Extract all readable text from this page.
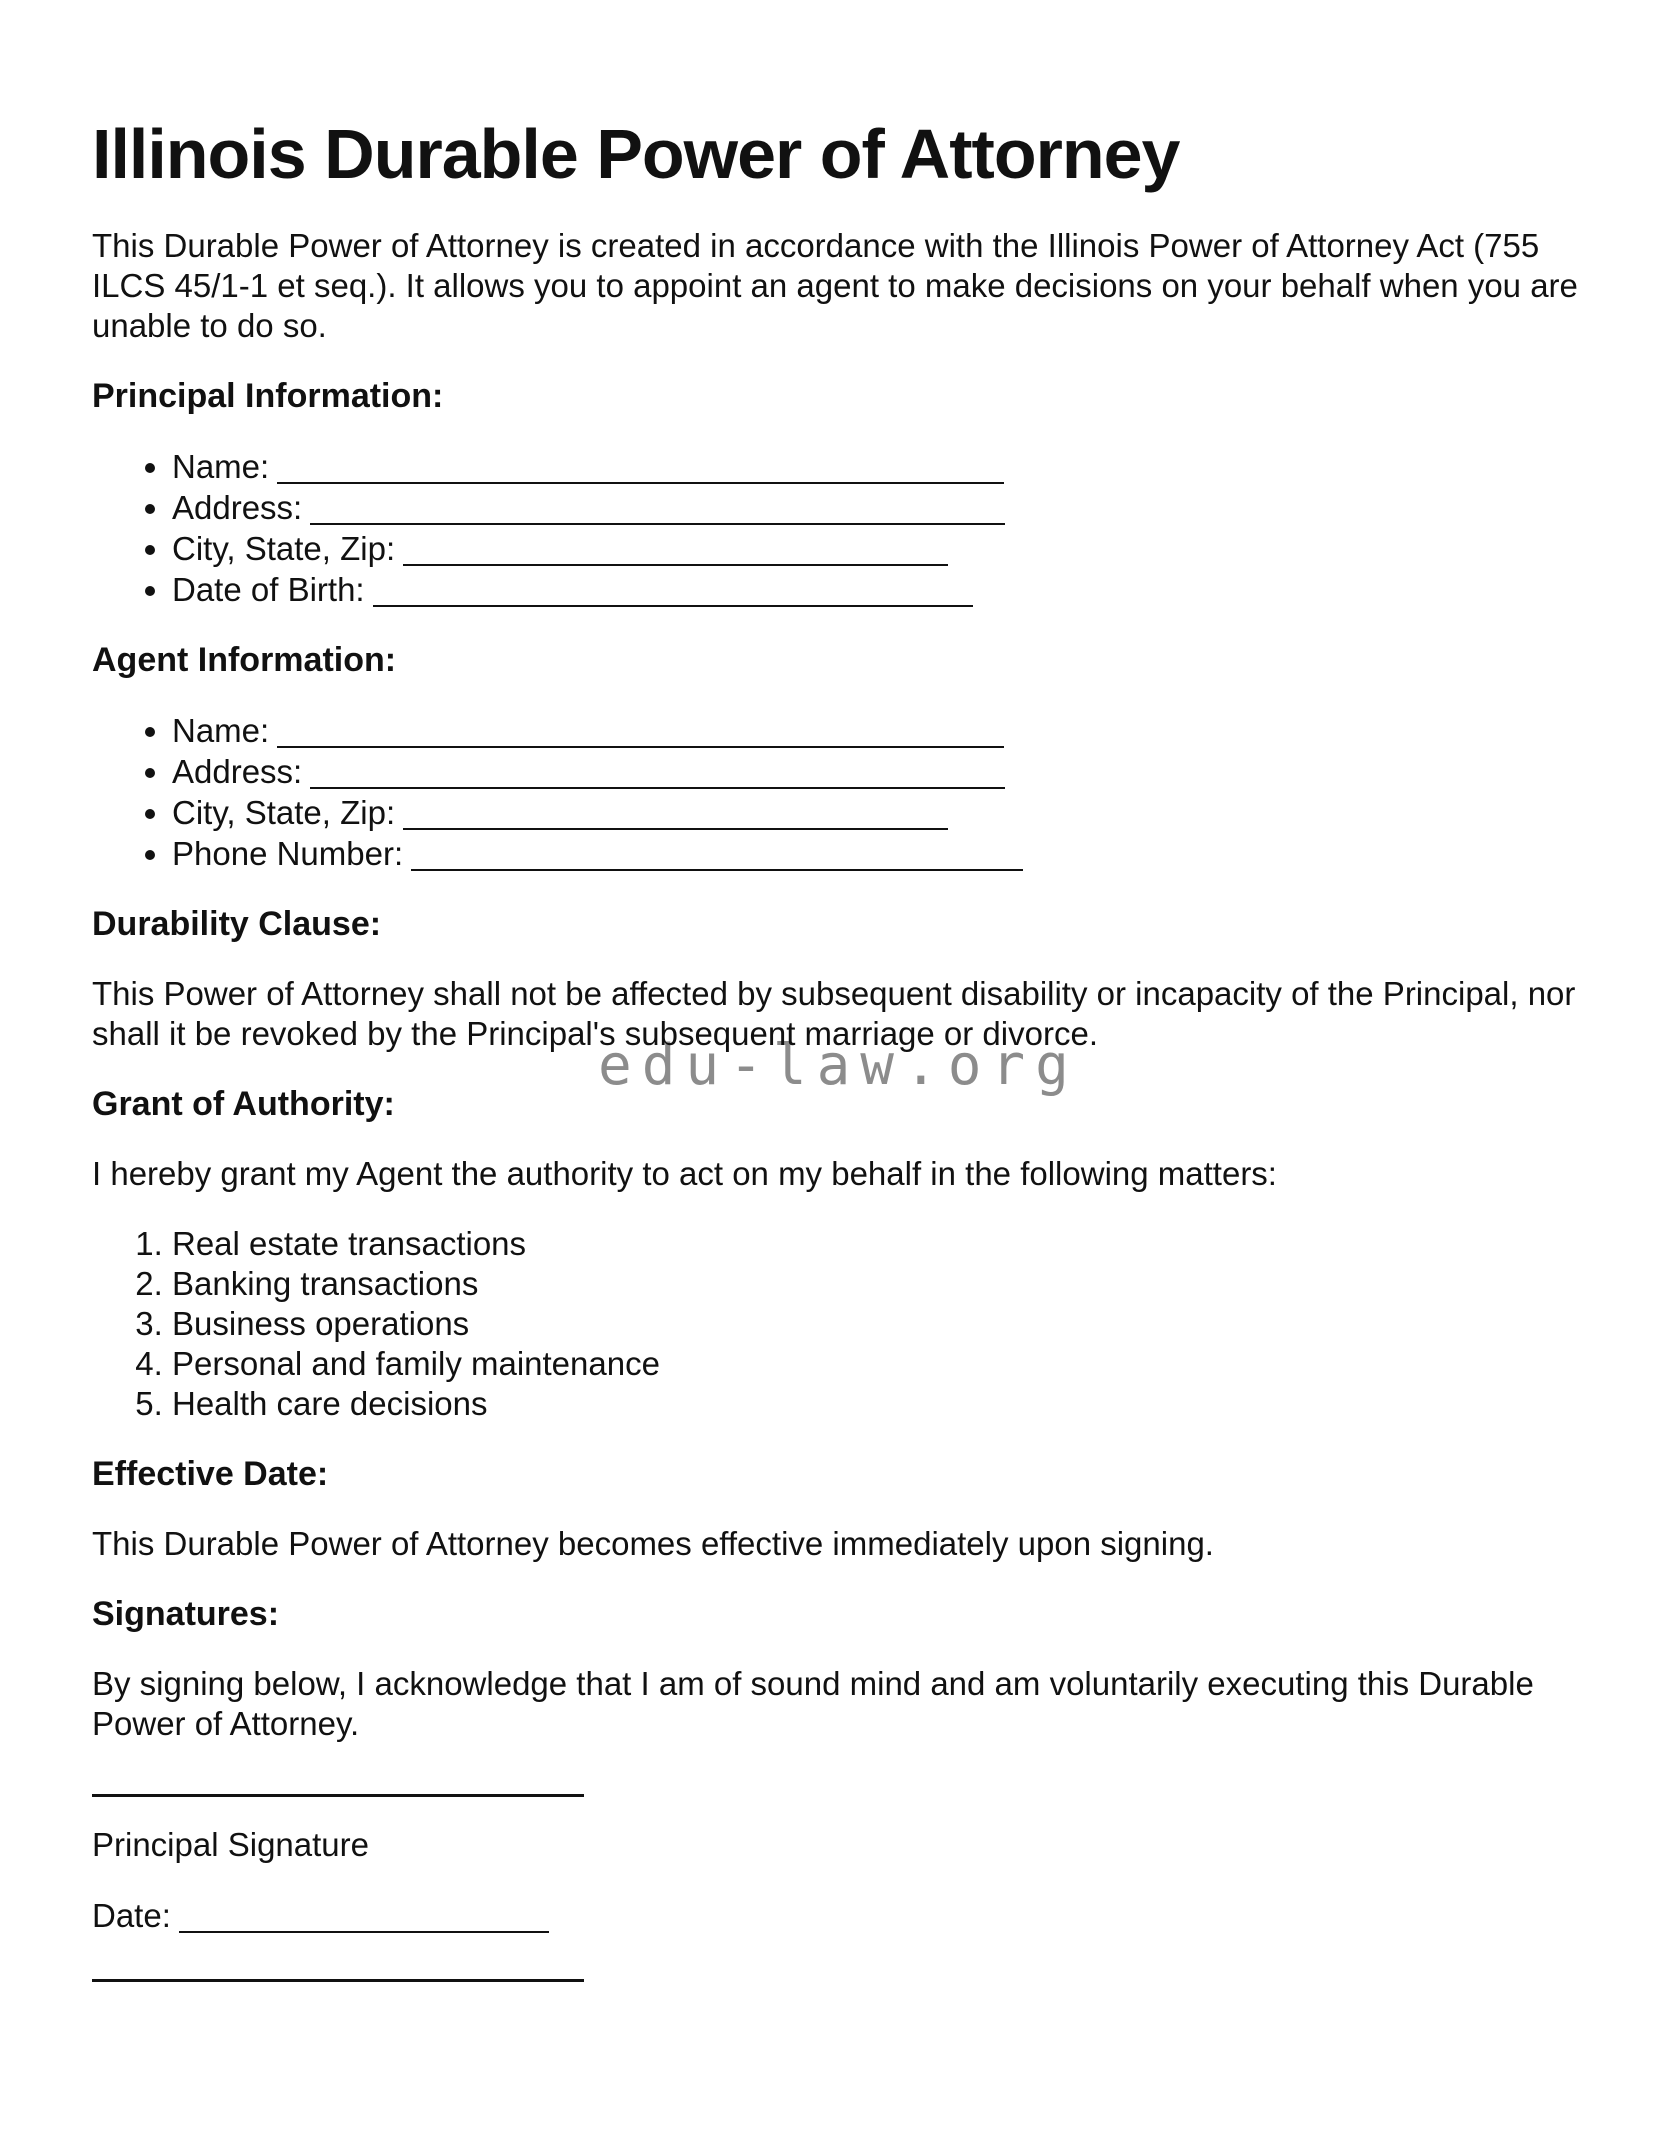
edu-law.org
Illinois Durable Power of Attorney

This Durable Power of Attorney is created in accordance with the Illinois Power of Attorney Act (755 ILCS 45/1-1 et seq.). It allows you to appoint an agent to make decisions on your behalf when you are unable to do so.

Principal Information:
• Name:
• Address:
• City, State, Zip:
• Date of Birth:
Agent Information:
• Name:
• Address:
• City, State, Zip:
• Phone Number:
Durability Clause:

This Power of Attorney shall not be affected by subsequent disability or incapacity of the Principal, nor shall it be revoked by the Principal's subsequent marriage or divorce.

Grant of Authority:

I hereby grant my Agent the authority to act on my behalf in the following matters:

1. Real estate transactions
2. Banking transactions
3. Business operations
4. Personal and family maintenance
5. Health care decisions
Effective Date:

This Durable Power of Attorney becomes effective immediately upon signing.

Signatures:

By signing below, I acknowledge that I am of sound mind and am voluntarily executing this Durable Power of Attorney.

Principal Signature

Date:
